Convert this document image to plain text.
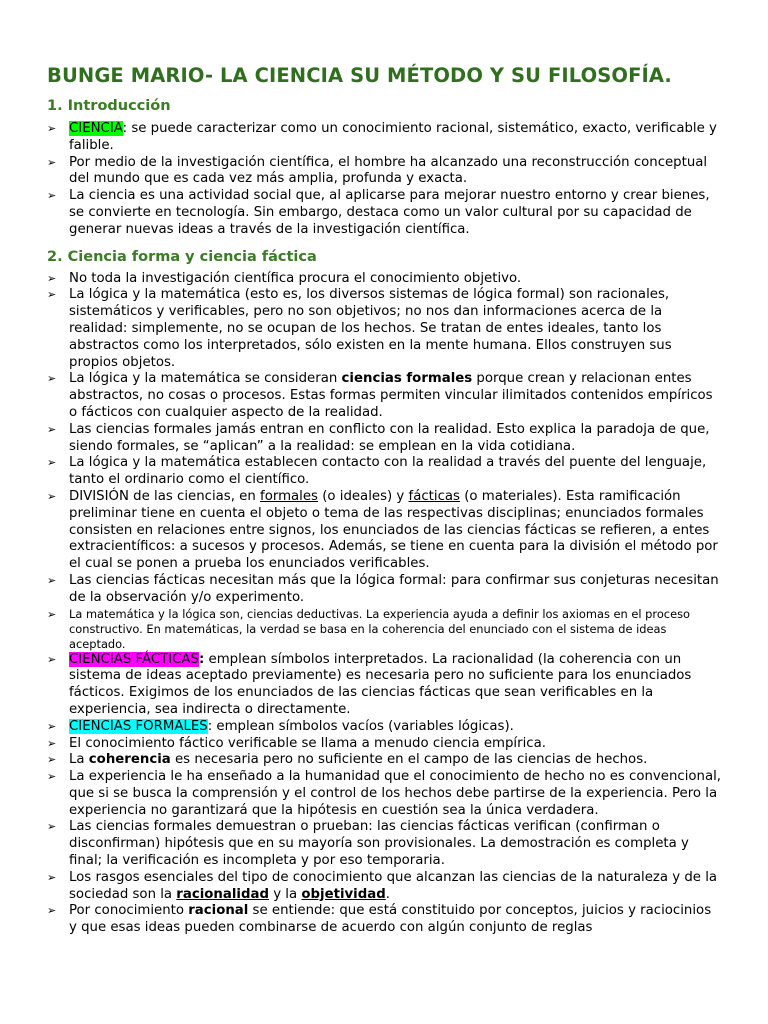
BUNGE MARIO- LA CIENCIA SU MÉTODO Y SU FILOSOFÍA.
1. Introducción
➢ CIENCIA: se puede caracterizar como un conocimiento racional, sistemático, exacto, verificable y falible.
➢ Por medio de la investigación científica, el hombre ha alcanzado una reconstrucción conceptual del mundo que es cada vez más amplia, profunda y exacta.
➢ La ciencia es una actividad social que, al aplicarse para mejorar nuestro entorno y crear bienes, se convierte en tecnología. Sin embargo, destaca como un valor cultural por su capacidad de generar nuevas ideas a través de la investigación científica.
2. Ciencia forma y ciencia fáctica
➢ No toda la investigación científica procura el conocimiento objetivo.
➢ La lógica y la matemática (esto es, los diversos sistemas de lógica formal) son racionales, sistemáticos y verificables, pero no son objetivos; no nos dan informaciones acerca de la realidad: simplemente, no se ocupan de los hechos. Se tratan de entes ideales, tanto los abstractos como los interpretados, sólo existen en la mente humana. Ellos construyen sus propios objetos.
➢ La lógica y la matemática se consideran ciencias formales porque crean y relacionan entes abstractos, no cosas o procesos. Estas formas permiten vincular ilimitados contenidos empíricos o fácticos con cualquier aspecto de la realidad.
➢ Las ciencias formales jamás entran en conflicto con la realidad. Esto explica la paradoja de que, siendo formales, se “aplican” a la realidad: se emplean en la vida cotidiana.
➢ La lógica y la matemática establecen contacto con la realidad a través del puente del lenguaje, tanto el ordinario como el científico.
➢ DIVISIÓN de las ciencias, en formales (o ideales) y fácticas (o materiales). Esta ramificación preliminar tiene en cuenta el objeto o tema de las respectivas disciplinas; enunciados formales consisten en relaciones entre signos, los enunciados de las ciencias fácticas se refieren, a entes extracientíficos: a sucesos y procesos. Además, se tiene en cuenta para la división el método por el cual se ponen a prueba los enunciados verificables.
➢ Las ciencias fácticas necesitan más que la lógica formal: para confirmar sus conjeturas necesitan de la observación y/o experimento.
➢ La matemática y la lógica son, ciencias deductivas. La experiencia ayuda a definir los axiomas en el proceso constructivo. En matemáticas, la verdad se basa en la coherencia del enunciado con el sistema de ideas aceptado.
➢ CIENCIAS FÁCTICAS: emplean símbolos interpretados. La racionalidad (la coherencia con un sistema de ideas aceptado previamente) es necesaria pero no suficiente para los enunciados fácticos. Exigimos de los enunciados de las ciencias fácticas que sean verificables en la experiencia, sea indirecta o directamente.
➢ CIENCIAS FORMALES: emplean símbolos vacíos (variables lógicas).
➢ El conocimiento fáctico verificable se llama a menudo ciencia empírica.
➢ La coherencia es necesaria pero no suficiente en el campo de las ciencias de hechos.
➢ La experiencia le ha enseñado a la humanidad que el conocimiento de hecho no es convencional, que si se busca la comprensión y el control de los hechos debe partirse de la experiencia. Pero la experiencia no garantizará que la hipótesis en cuestión sea la única verdadera.
➢ Las ciencias formales demuestran o prueban: las ciencias fácticas verifican (confirman o disconfirman) hipótesis que en su mayoría son provisionales. La demostración es completa y final; la verificación es incompleta y por eso temporaria.
➢ Los rasgos esenciales del tipo de conocimiento que alcanzan las ciencias de la naturaleza y de la sociedad son la racionalidad y la objetividad.
➢ Por conocimiento racional se entiende: que está constituido por conceptos, juicios y raciocinios y que esas ideas pueden combinarse de acuerdo con algún conjunto de reglas
